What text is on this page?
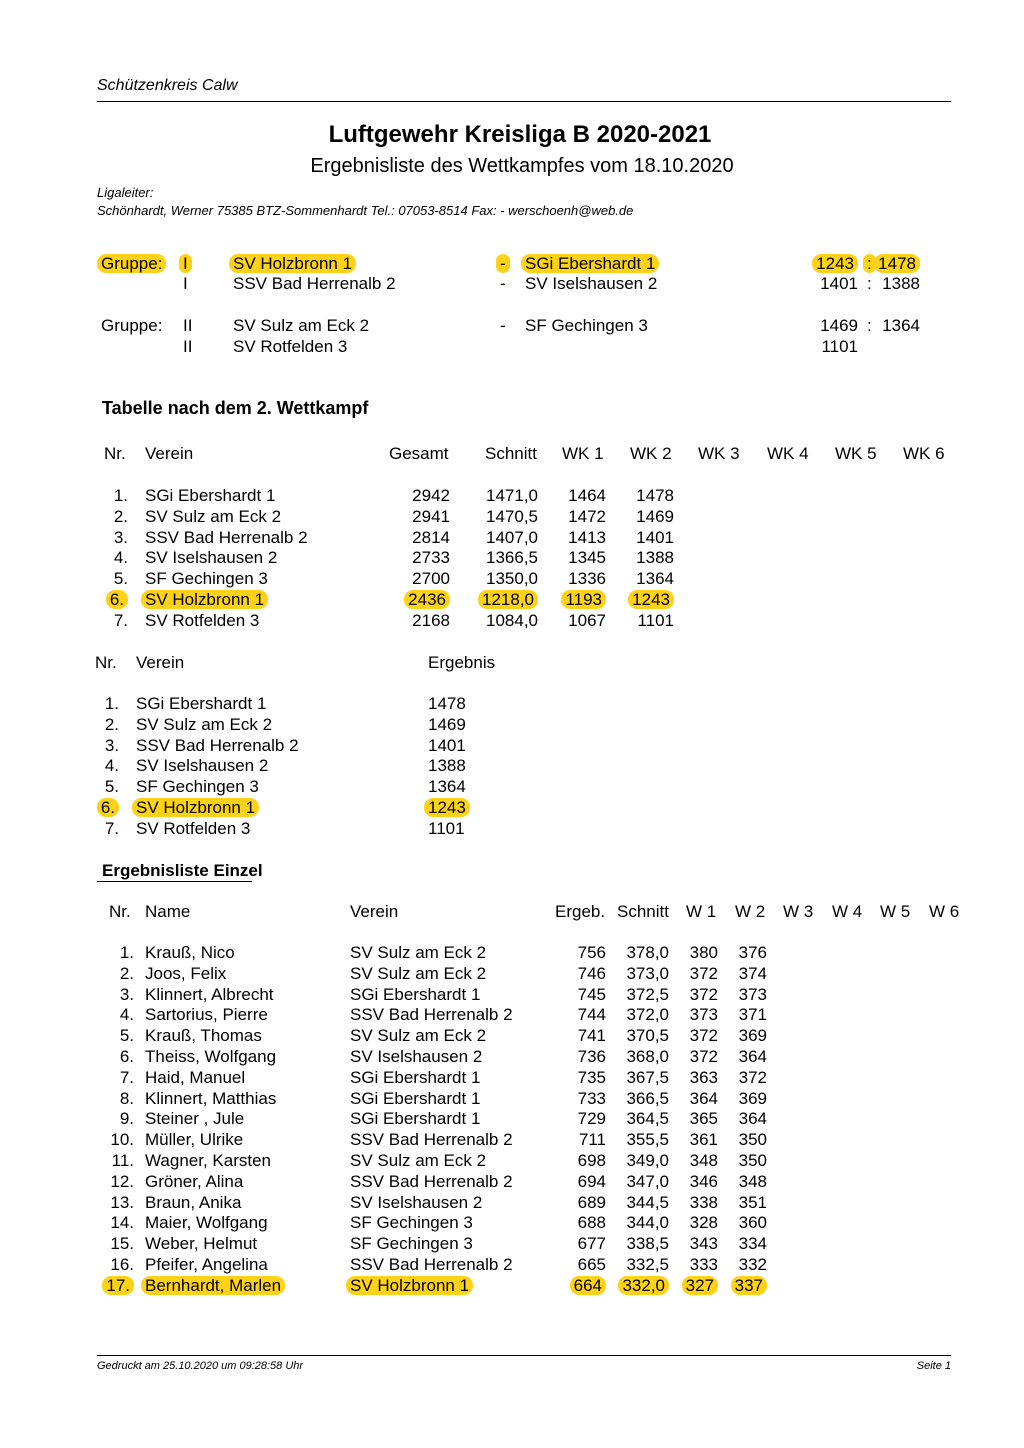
Schützenkreis Calw
Luftgewehr Kreisliga B 2020-2021
Ergebnisliste des Wettkampfes vom 18.10.2020
Ligaleiter:
Schönhardt, Werner 75385 BTZ-Sommenhardt Tel.: 07053-8514 Fax: - werschoenh@web.de
Gruppe: I	SV Holzbronn 1	- SGi Ebershardt 1	1243 : 1478
I	SSV Bad Herrenalb 2	- SV Iselshausen 2	1401 : 1388
Gruppe: II SV Sulz am Eck 2	- SF Gechingen 3	1469 : 1364
II SV Rotfelden 3	1101
Tabelle nach dem 2. Wettkampf
Nr. Verein	Gesamt Schnitt WK 1 WK 2 WK 3 WK 4 WK 5 WK 6
1. SGi Ebershardt 1	2942 1471,0 1464 1478
2. SV Sulz am Eck 2	2941 1470,5 1472 1469
3. SSV Bad Herrenalb 2	2814 1407,0 1413 1401
4. SV Iselshausen 2	2733 1366,5 1345 1388
5. SF Gechingen 3	2700 1350,0 1336 1364
6. SV Holzbronn 1	2436 1218,0 1193 1243
7. SV Rotfelden 3	2168 1084,0 1067 1101
Nr. Verein	Ergebnis
1. SGi Ebershardt 1	1478
2. SV Sulz am Eck 2	1469
3. SSV Bad Herrenalb 2	1401
4. SV Iselshausen 2	1388
5. SF Gechingen 3	1364
6. SV Holzbronn 1	1243
7. SV Rotfelden 3	1101
Ergebnisliste Einzel
Nr. Name	Verein	Ergeb. Schnitt W 1 W 2 W 3 W 4 W 5 W 6
1. Krauß, Nico	SV Sulz am Eck 2	756 378,0 380 376
2. Joos, Felix	SV Sulz am Eck 2	746 373,0 372 374
3. Klinnert, Albrecht	SGi Ebershardt 1	745 372,5 372 373
4. Sartorius, Pierre	SSV Bad Herrenalb 2	744 372,0 373 371
5. Krauß, Thomas	SV Sulz am Eck 2	741 370,5 372 369
6. Theiss, Wolfgang	SV Iselshausen 2	736 368,0 372 364
7. Haid, Manuel	SGi Ebershardt 1	735 367,5 363 372
8. Klinnert, Matthias	SGi Ebershardt 1	733 366,5 364 369
9. Steiner , Jule	SGi Ebershardt 1	729 364,5 365 364
10. Müller, Ulrike	SSV Bad Herrenalb 2	711 355,5 361 350
11. Wagner, Karsten	SV Sulz am Eck 2	698 349,0 348 350
12. Gröner, Alina	SSV Bad Herrenalb 2	694 347,0 346 348
13. Braun, Anika	SV Iselshausen 2	689 344,5 338 351
14. Maier, Wolfgang	SF Gechingen 3	688 344,0 328 360
15. Weber, Helmut	SF Gechingen 3	677 338,5 343 334
16. Pfeifer, Angelina	SSV Bad Herrenalb 2	665 332,5 333 332
17. Bernhardt, Marlen	SV Holzbronn 1	664 332,0 327 337
Gedruckt am 25.10.2020 um 09:28:58 Uhr	Seite 1
